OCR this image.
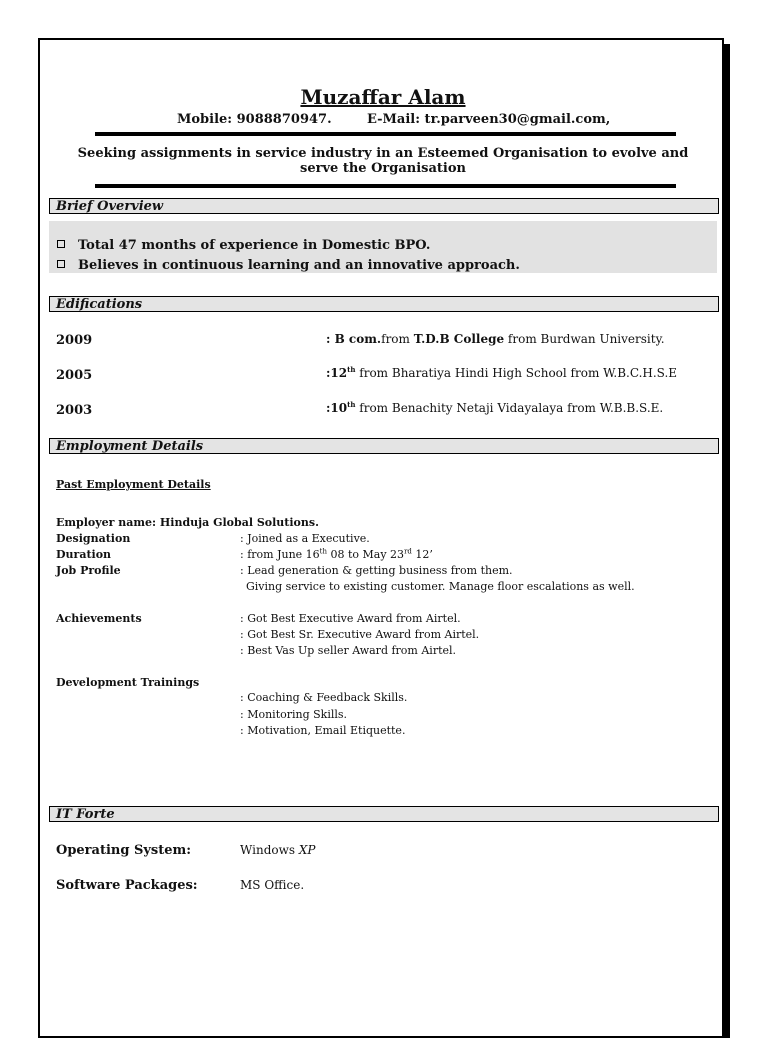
Muzaffar Alam
Mobile: 9088870947.	E-Mail: tr.parveen30@gmail.com,
Seeking assignments in service industry in an Esteemed Organisation to evolve and serve the Organisation
Brief Overview
Total 47 months of experience in Domestic BPO.
Believes in continuous learning and an innovative approach.
Edifications
2009	: B com.from T.D.B College from Burdwan University.
2005	:12th from Bharatiya Hindi High School from W.B.C.H.S.E
2003	:10th from Benachity Netaji Vidayalaya from W.B.B.S.E.
Employment Details
Past Employment Details
Employer name: Hinduja Global Solutions.
Designation	: Joined as a Executive.
Duration	: from June 16th 08 to May 23rd 12’
Job Profile	: Lead generation & getting business from them.
Giving service to existing customer. Manage floor escalations as well.
Achievements	: Got Best Executive Award from Airtel.
: Got Best Sr. Executive Award from Airtel.
: Best Vas Up seller Award from Airtel.
Development Trainings
: Coaching & Feedback Skills.
: Monitoring Skills.
: Motivation, Email Etiquette.
IT Forte
Operating System:	Windows XP
Software Packages:	MS Office.
